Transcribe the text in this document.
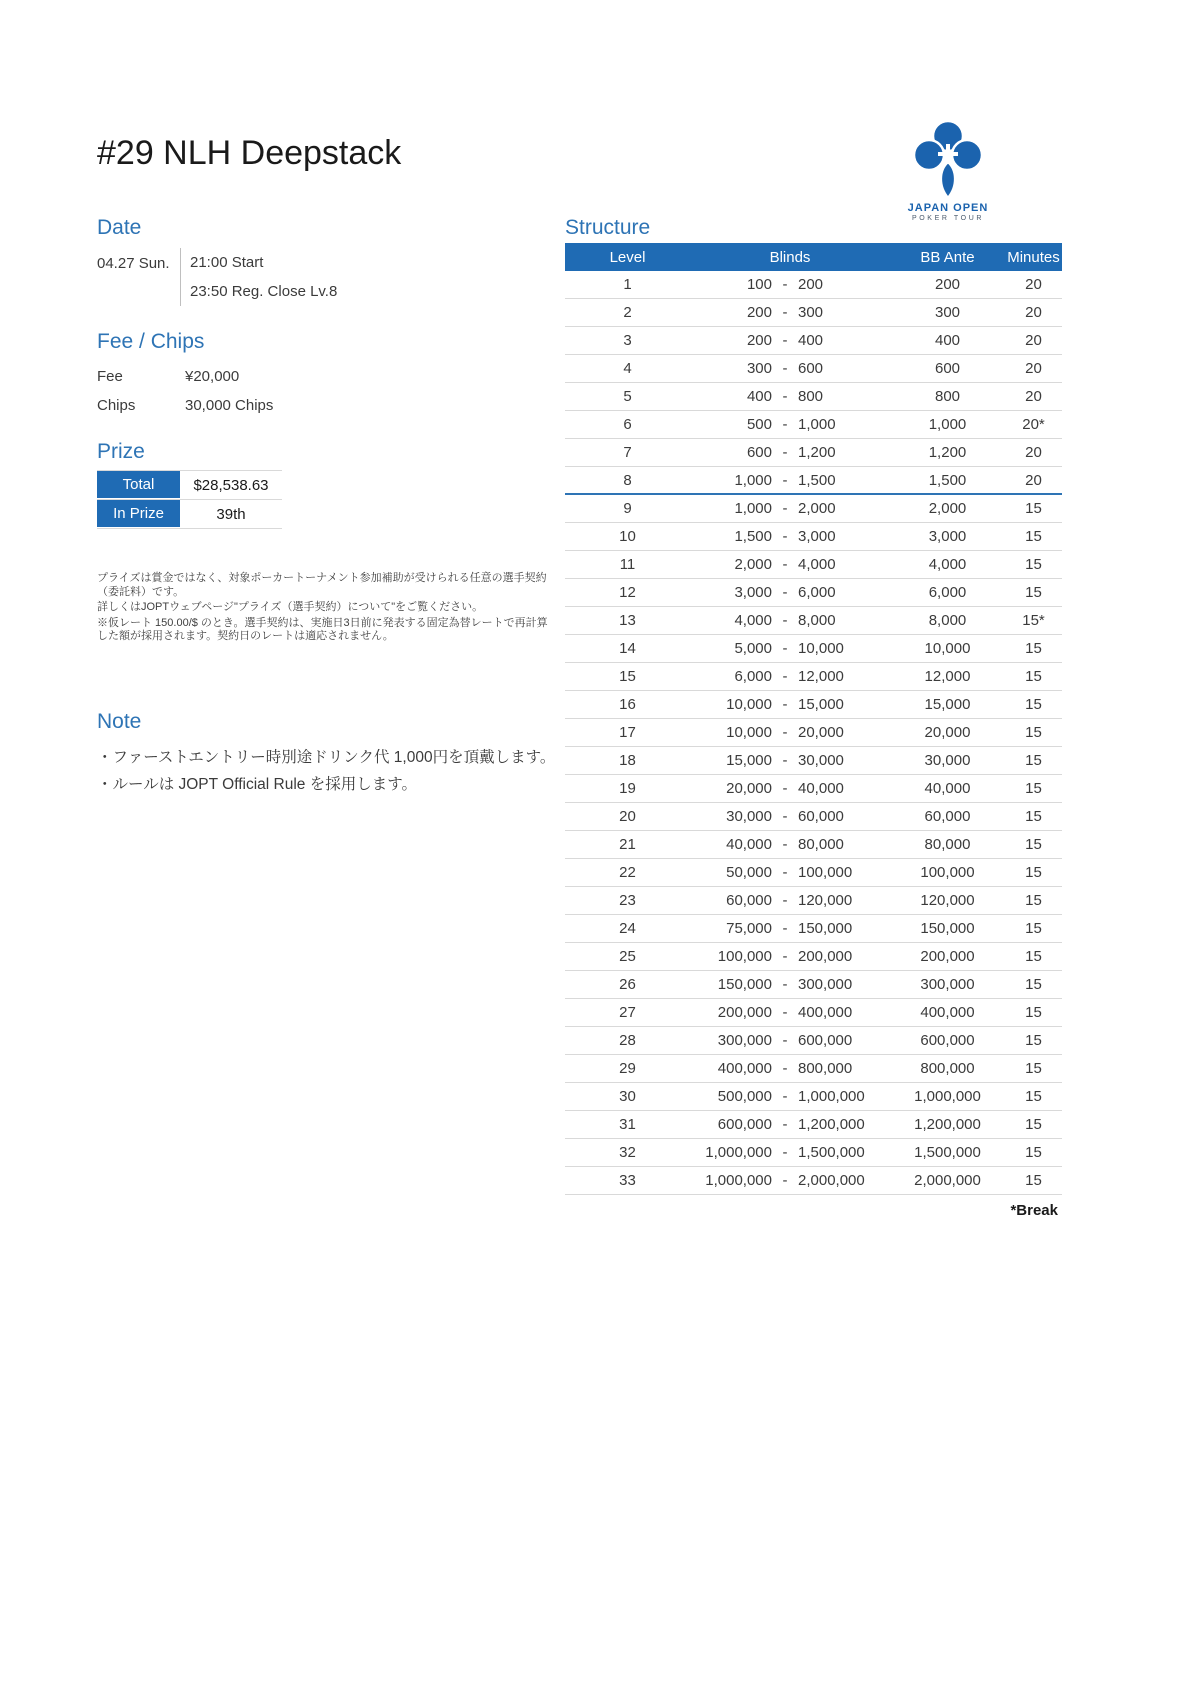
#29 NLH Deepstack
JAPAN OPEN
POKER TOUR
Date
04.27 Sun.	21:00 Start
23:50 Reg. Close Lv.8
Fee / Chips
Fee	¥20,000
Chips	30,000 Chips
Prize
Total	$28,538.63
In Prize	39th

プライズは賞金ではなく、対象ポーカートーナメント参加補助が受けられる任意の選手契約（委託料）です。

詳しくはJOPTウェブページ"プライズ（選手契約）について"をご覧ください。

※仮レート 150.00/$ のとき。選手契約は、実施日3日前に発表する固定為替レートで再計算した額が採用されます。契約日のレートは適応されません。

Note
・ファーストエントリー時別途ドリンク代 1,000円を頂戴します。
・ルールは JOPT Official Rule を採用します。
Structure
Level	Blinds	BB Ante	Minutes
1	100 - 200	200	20
2	200 - 300	300	20
3	200 - 400	400	20
4	300 - 600	600	20
5	400 - 800	800	20
6	500 - 1,000	1,000	20*
7	600 - 1,200	1,200	20
8	1,000 - 1,500	1,500	20
9	1,000 - 2,000	2,000	15
10	1,500 - 3,000	3,000	15
11	2,000 - 4,000	4,000	15
12	3,000 - 6,000	6,000	15
13	4,000 - 8,000	8,000	15*
14	5,000 - 10,000	10,000	15
15	6,000 - 12,000	12,000	15
16	10,000 - 15,000	15,000	15
17	10,000 - 20,000	20,000	15
18	15,000 - 30,000	30,000	15
19	20,000 - 40,000	40,000	15
20	30,000 - 60,000	60,000	15
21	40,000 - 80,000	80,000	15
22	50,000 - 100,000	100,000	15
23	60,000 - 120,000	120,000	15
24	75,000 - 150,000	150,000	15
25	100,000 - 200,000	200,000	15
26	150,000 - 300,000	300,000	15
27	200,000 - 400,000	400,000	15
28	300,000 - 600,000	600,000	15
29	400,000 - 800,000	800,000	15
30	500,000 - 1,000,000	1,000,000	15
31	600,000 - 1,200,000	1,200,000	15
32	1,000,000 - 1,500,000	1,500,000	15
33	1,000,000 - 2,000,000	2,000,000	15
*Break
